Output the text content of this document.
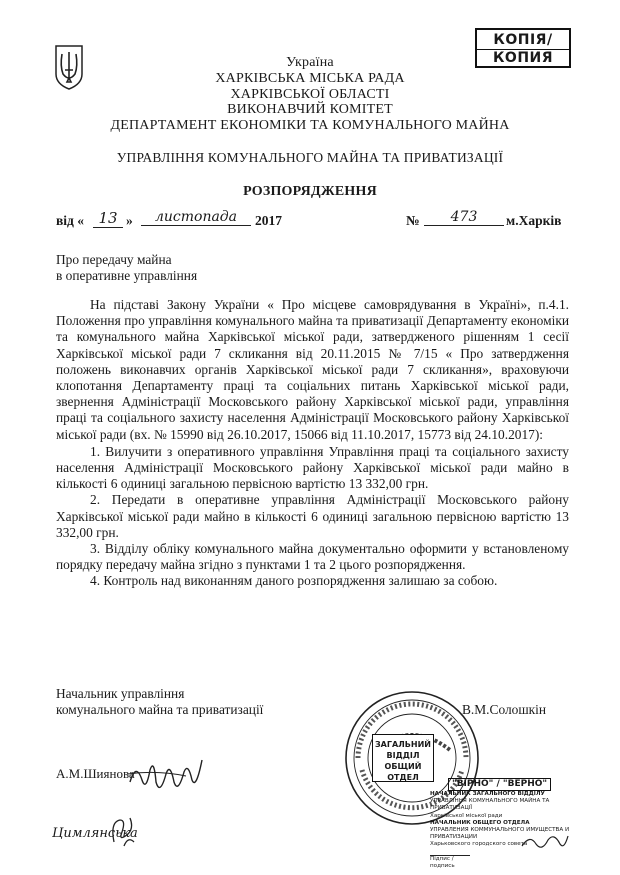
КОПІЯ/
КОПИЯ
Україна
ХАРКІВСЬКА МІСЬКА РАДА
ХАРКІВСЬКОЇ ОБЛАСТІ
ВИКОНАВЧИЙ КОМІТЕТ
ДЕПАРТАМЕНТ ЕКОНОМІКИ ТА КОМУНАЛЬНОГО МАЙНА
УПРАВЛІННЯ КОМУНАЛЬНОГО МАЙНА ТА ПРИВАТИЗАЦІЇ
РОЗПОРЯДЖЕННЯ
від « 13 »	листопада	2017	№	473	м.Харків
Про передачу майна
в оперативне управління

На підставі Закону України « Про місцеве самоврядування в Україні», п.4.1. Положення про управління комунального майна та приватизації Департаменту економіки та комунального майна Харківської міської ради, затвердженого рішенням 1 сесії Харківської міської ради 7 скликання від 20.11.2015 № 7/15 « Про затвердження положень виконавчих органів Харківської міської ради 7 скликання», враховуючи клопотання Департаменту праці та соціальних питань Харківської міської ради, звернення Адміністрації Московського району Харківської міської ради, управління праці та соціального захисту населення Адміністрації Московського району Харківської міської ради (вх. № 15990 від 26.10.2017, 15066 від 11.10.2017, 15773 від 24.10.2017):

1. Вилучити з оперативного управління Управління праці та соціального захисту населення Адміністрації Московського району Харківської міської ради майно в кількості 6 одиниці загальною первісною вартістю 13 332,00 грн.

2. Передати в оперативне управління Адміністрації Московського району Харківської міської ради майно в кількості 6 одиниці загальною первісною вартістю 13 332,00 грн.

3. Відділу обліку комунального майна документально оформити у встановленому порядку передачу майна згідно з пунктами 1 та 2 цього розпорядження.

4. Контроль над виконанням даного розпорядження залишаю за собою.

Начальник управління
комунального майна та приватизації	В.М.Солошкін
А.М.Шиянова
Цимлянська
ЗАГАЛЬНИЙ
ВІДДІЛ
ОБЩИЙ ОТДЕЛ
"ВІРНО" / "ВЕРНО"
НАЧАЛЬНИК ЗАГАЛЬНОГО ВІДДІЛУ
УПРАВЛІННЯ КОМУНАЛЬНОГО МАЙНА ТА ПРИВАТИЗАЦІЇ
Харківської міської ради
НАЧАЛЬНИК ОБЩЕГО ОТДЕЛА
УПРАВЛЕНИЯ КОММУНАЛЬНОГО ИМУЩЕСТВА И ПРИВАТИЗАЦИИ
Харьковского городского совета
Підпис / подпись
